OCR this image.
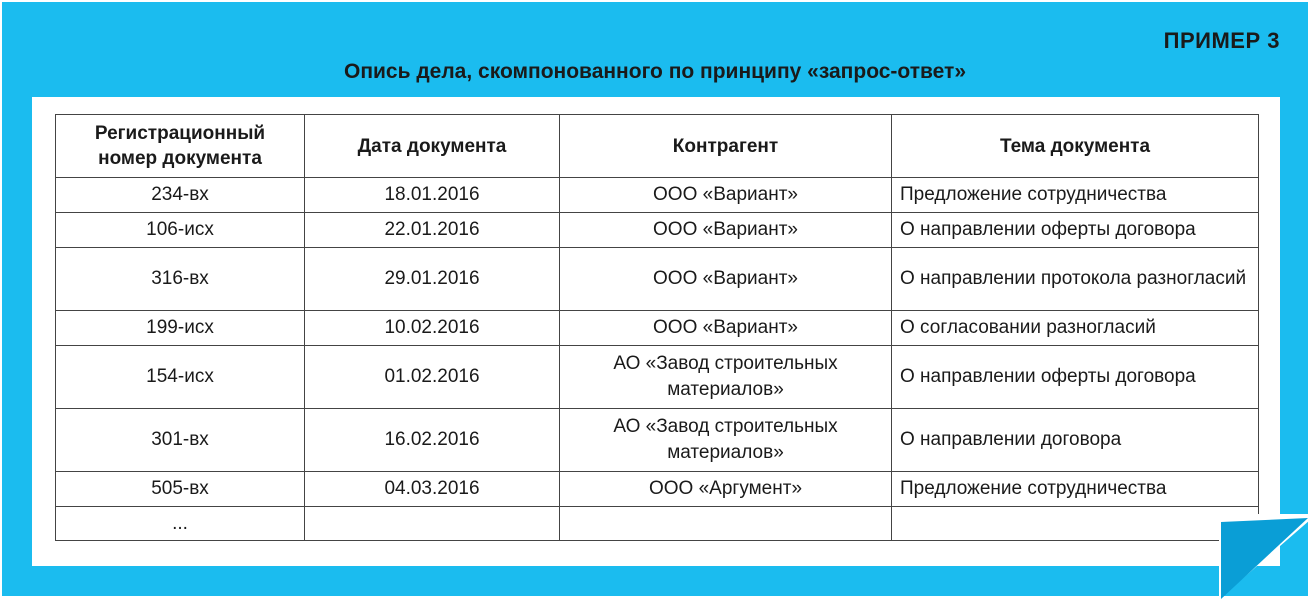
ПРИМЕР 3
Опись дела, скомпонованного по принципу «запрос-ответ»
Регистрационный номер документа	Дата документа	Контрагент	Тема документа
234-вх	18.01.2016	ООО «Вариант»	Предложение сотрудничества
106-исх	22.01.2016	ООО «Вариант»	О направлении оферты договора
316-вх	29.01.2016	ООО «Вариант»	О направлении протокола разногласий
199-исх	10.02.2016	ООО «Вариант»	О согласовании разногласий
154-исх	01.02.2016	АО «Завод строительных материалов»	О направлении оферты договора
301-вх	16.02.2016	АО «Завод строительных материалов»	О направлении договора
505-вх	04.03.2016	ООО «Аргумент»	Предложение сотрудничества
...			
